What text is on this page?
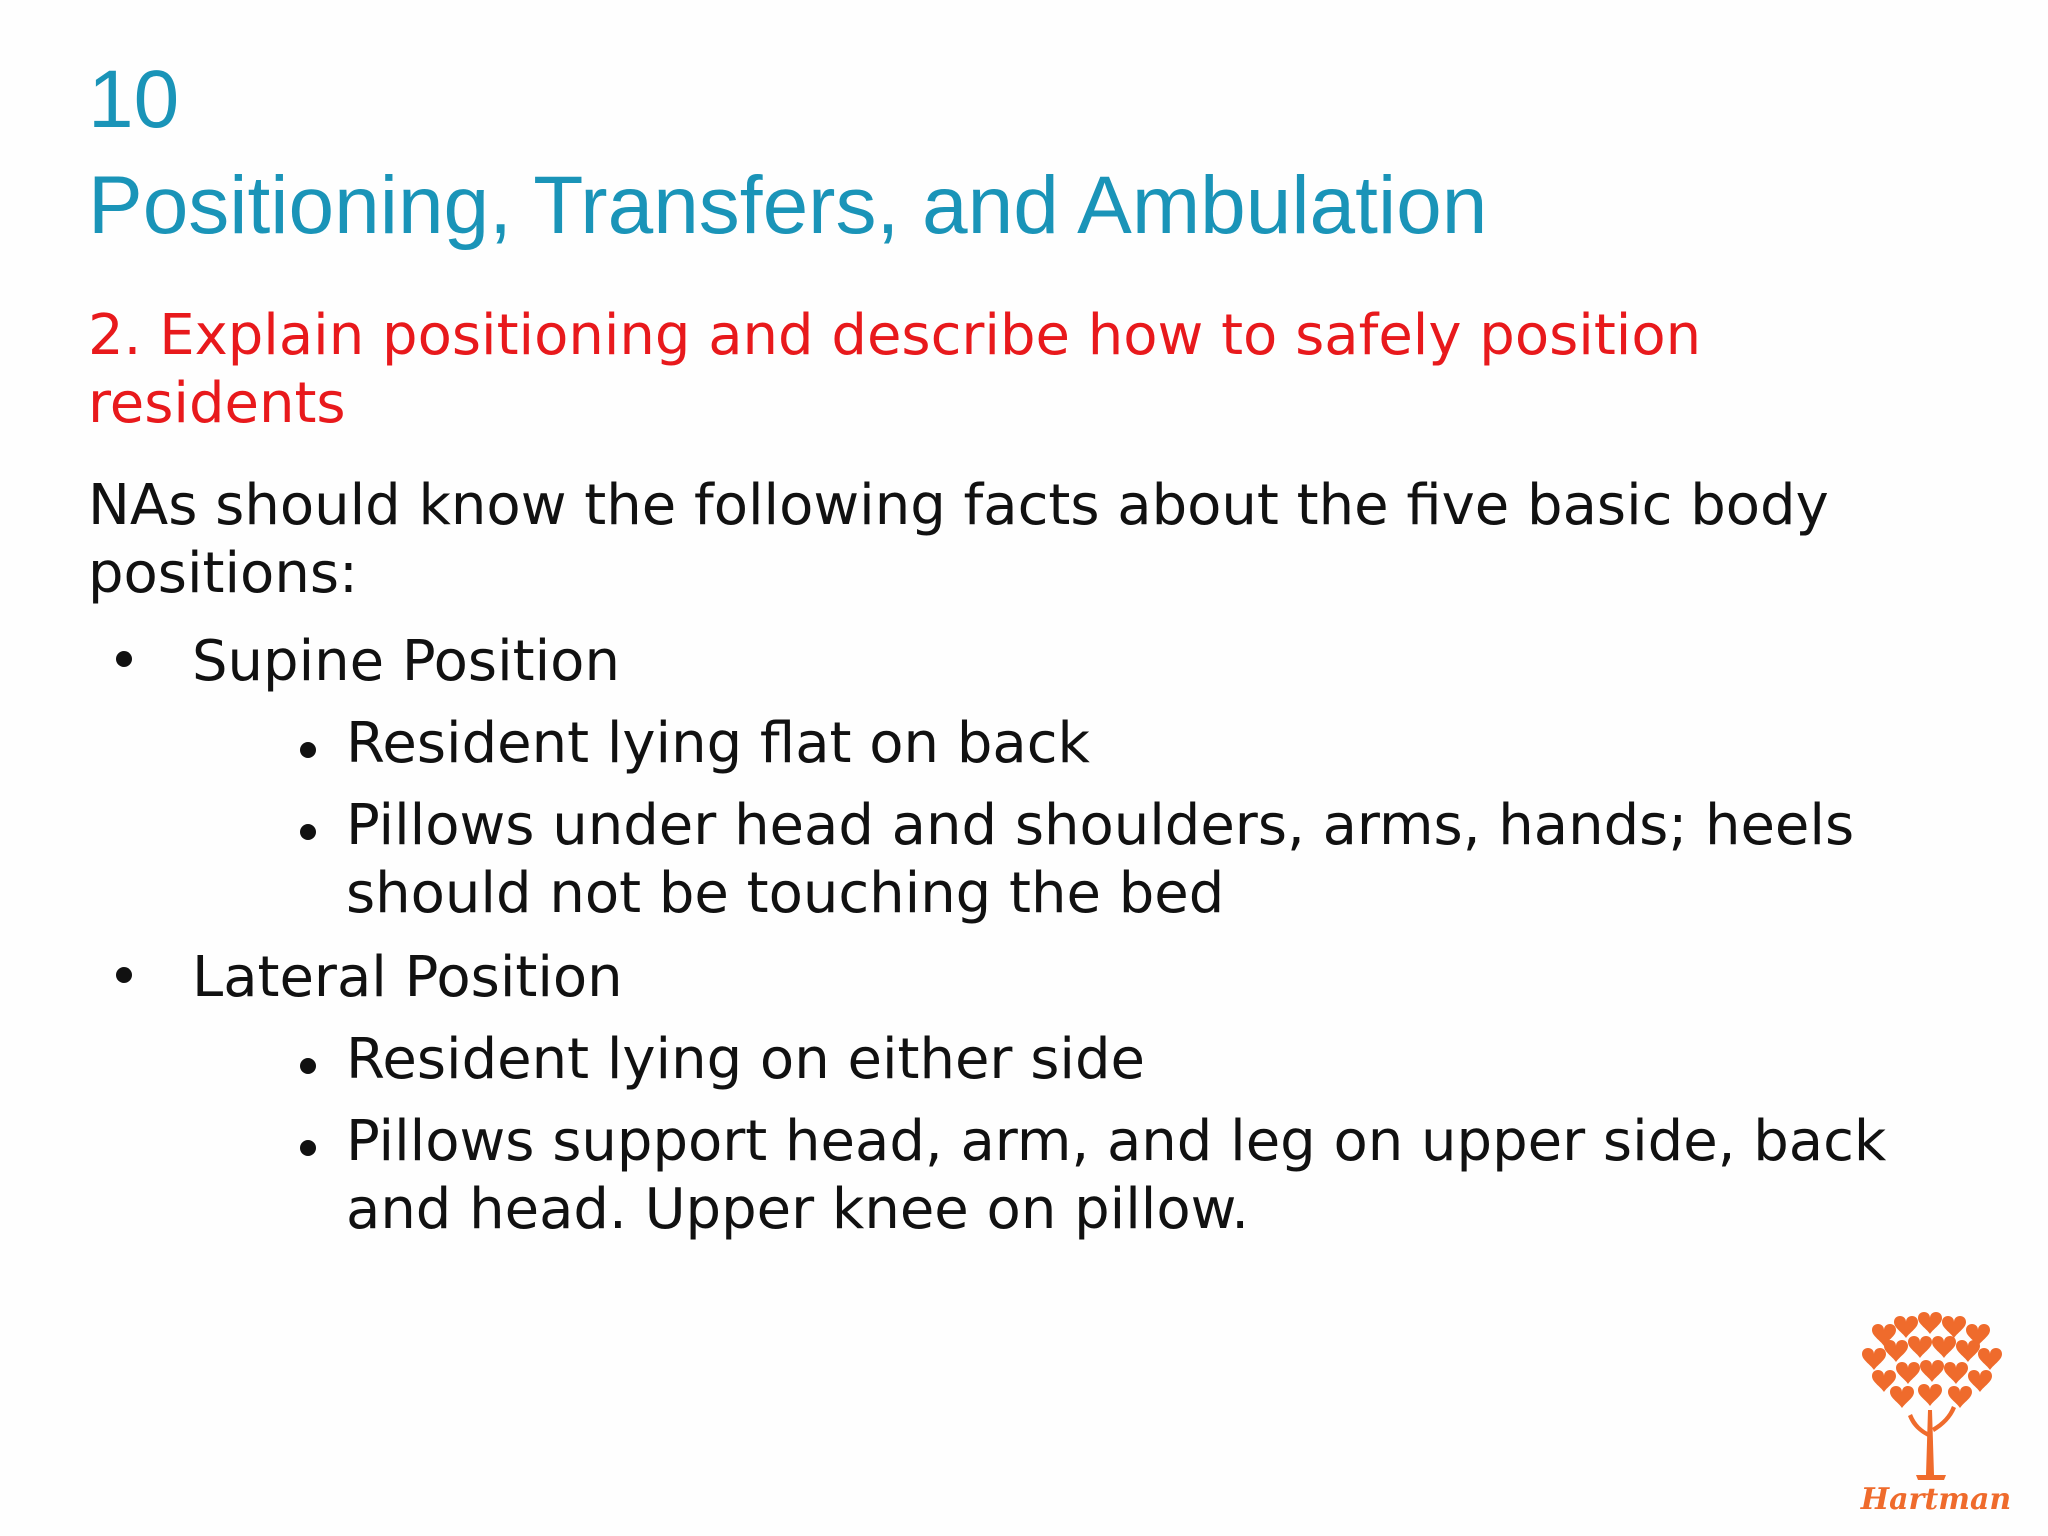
10
Positioning, Transfers, and Ambulation

2. Explain positioning and describe how to safely position residents

NAs should know the following facts about the five basic body positions:

Supine Position
Resident lying flat on back
Pillows under head and shoulders, arms, hands; heels should not be touching the bed
Lateral Position
Resident lying on either side
Pillows support head, arm, and leg on upper side, back and head. Upper knee on pillow.
Hartman
